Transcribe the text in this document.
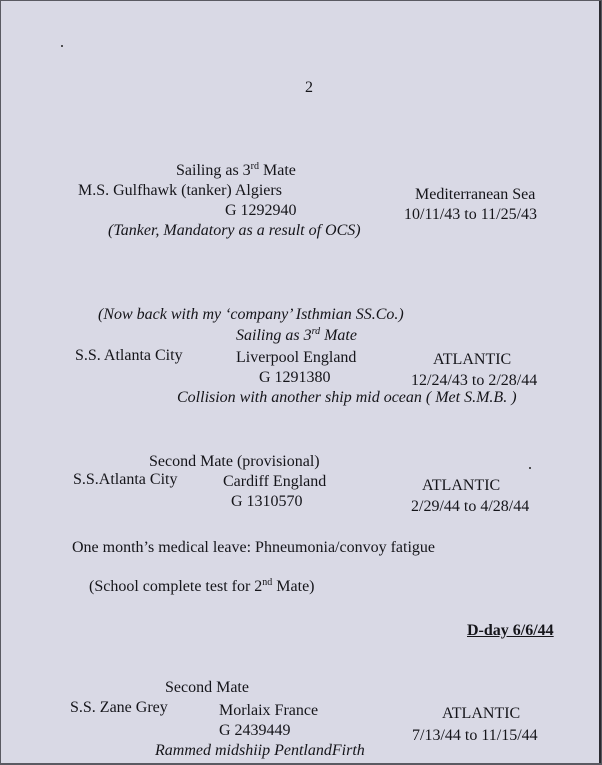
2
Sailing as 3rd Mate
M.S. Gulfhawk (tanker) Algiers	Mediterranean Sea
G 1292940	10/11/43 to 11/25/43
(Tanker, Mandatory as a result of OCS)
(Now back with my ‘company’ Isthmian SS.Co.)
Sailing as 3rd Mate
S.S. Atlanta City	Liverpool England	ATLANTIC
G 1291380	12/24/43 to 2/28/44
Collision with another ship mid ocean ( Met S.M.B. )
Second Mate (provisional)
S.S.Atlanta City	Cardiff England	ATLANTIC
G 1310570	2/29/44 to 4/28/44
One month’s medical leave: Phneumonia/convoy fatigue
(School complete test for 2nd Mate)
D-day 6/6/44
Second Mate
S.S. Zane Grey	Morlaix France	ATLANTIC
G 2439449	7/13/44 to 11/15/44
Rammed midshiip PentlandFirth
